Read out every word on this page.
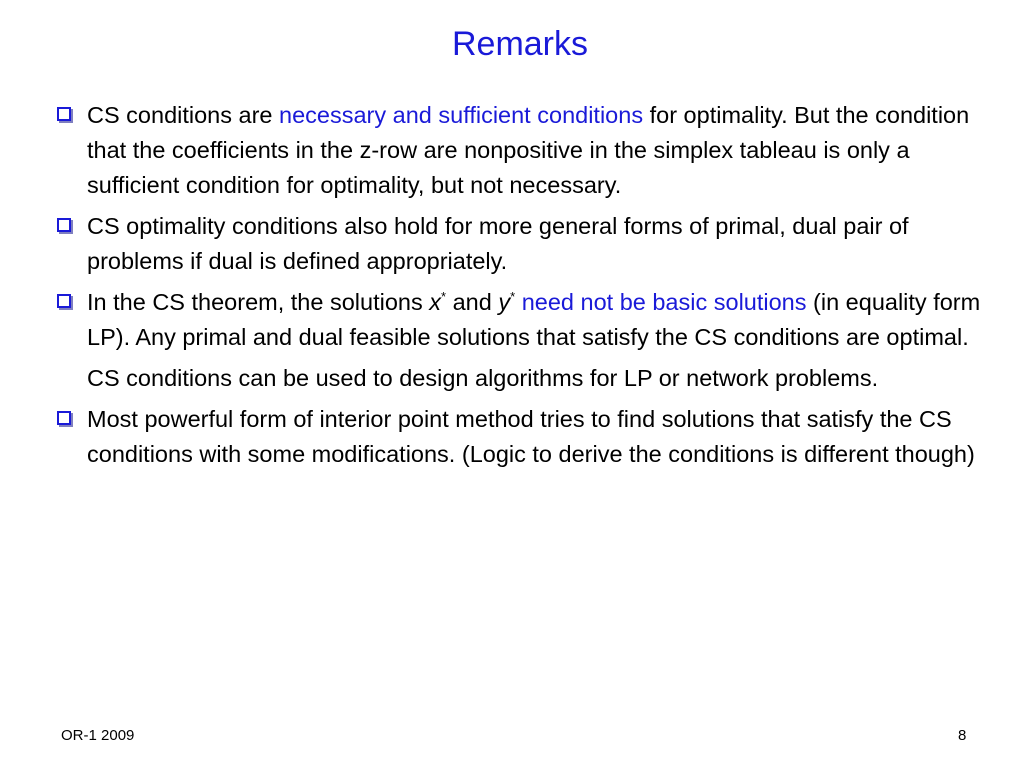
Remarks
CS conditions are necessary and sufficient conditions for optimality. But the condition that the coefficients in the z-row are nonpositive in the simplex tableau is only a sufficient condition for optimality, but not necessary.
CS optimality conditions also hold for more general forms of primal, dual pair of problems if dual is defined appropriately.
In the CS theorem, the solutions x* and y* need not be basic solutions (in equality form LP). Any primal and dual feasible solutions that satisfy the CS conditions are optimal.
CS conditions can be used to design algorithms for LP or network problems.
Most powerful form of interior point method tries to find solutions that satisfy the CS conditions with some modifications. (Logic to derive the conditions is different though)
OR-1 2009	8
